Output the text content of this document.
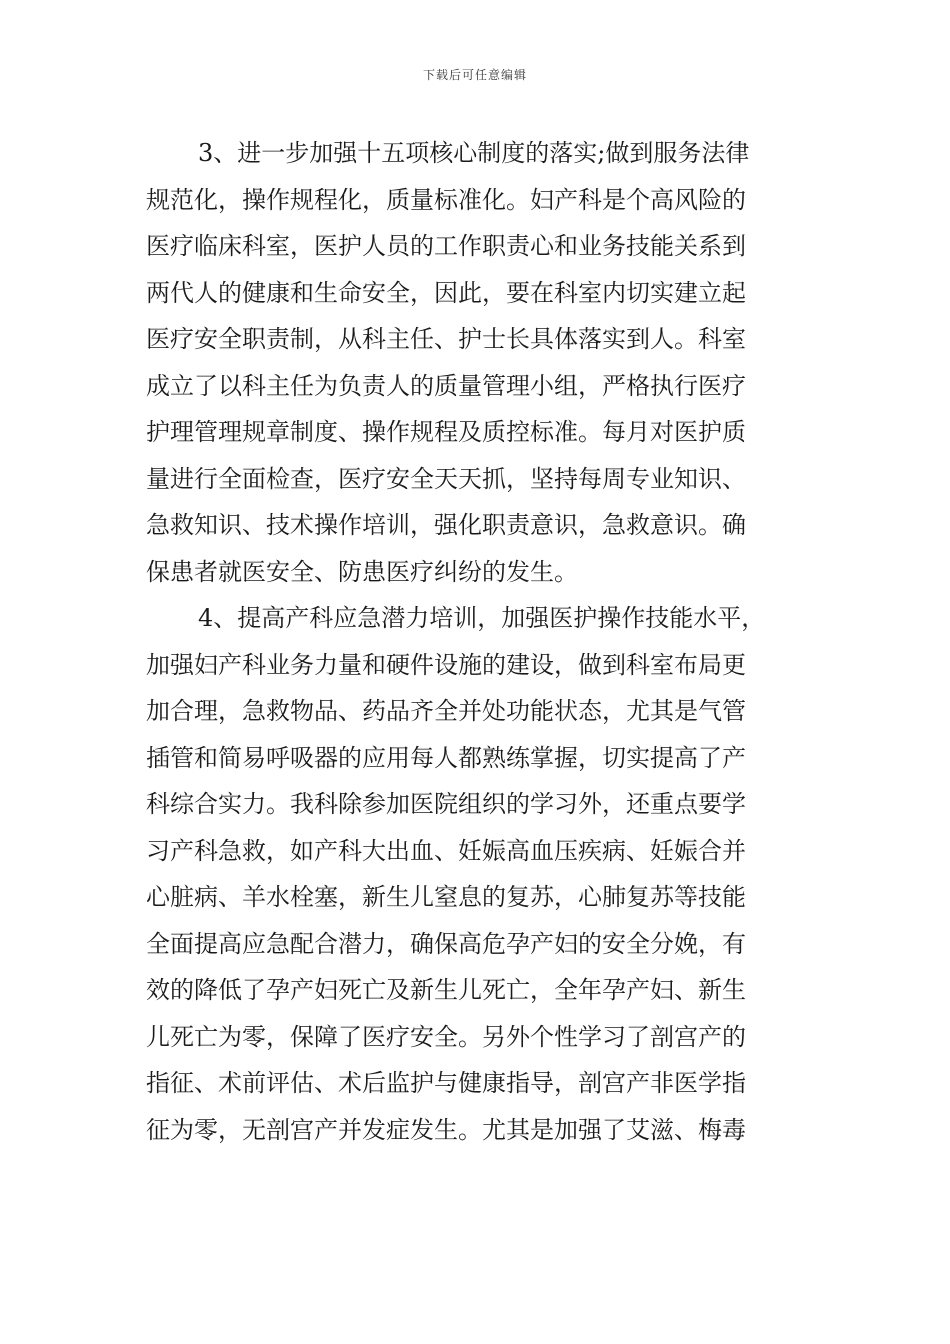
下载后可任意编辑
3、进一步加强十五项核心制度的落实;做到服务法律
规范化，操作规程化，质量标准化。妇产科是个高风险的
医疗临床科室，医护人员的工作职责心和业务技能关系到
两代人的健康和生命安全，因此，要在科室内切实建立起
医疗安全职责制，从科主任、护士长具体落实到人。科室
成立了以科主任为负责人的质量管理小组，严格执行医疗
护理管理规章制度、操作规程及质控标准。每月对医护质
量进行全面检查，医疗安全天天抓，坚持每周专业知识、
急救知识、技术操作培训，强化职责意识，急救意识。确
保患者就医安全、防患医疗纠纷的发生。
4、提高产科应急潜力培训，加强医护操作技能水平，
加强妇产科业务力量和硬件设施的建设，做到科室布局更
加合理，急救物品、药品齐全并处功能状态，尤其是气管
插管和简易呼吸器的应用每人都熟练掌握，切实提高了产
科综合实力。我科除参加医院组织的学习外，还重点要学
习产科急救，如产科大出血、妊娠高血压疾病、妊娠合并
心脏病、羊水栓塞，新生儿窒息的复苏，心肺复苏等技能
全面提高应急配合潜力，确保高危孕产妇的安全分娩，有
效的降低了孕产妇死亡及新生儿死亡，全年孕产妇、新生
儿死亡为零，保障了医疗安全。另外个性学习了剖宫产的
指征、术前评估、术后监护与健康指导，剖宫产非医学指
征为零，无剖宫产并发症发生。尤其是加强了艾滋、梅毒
